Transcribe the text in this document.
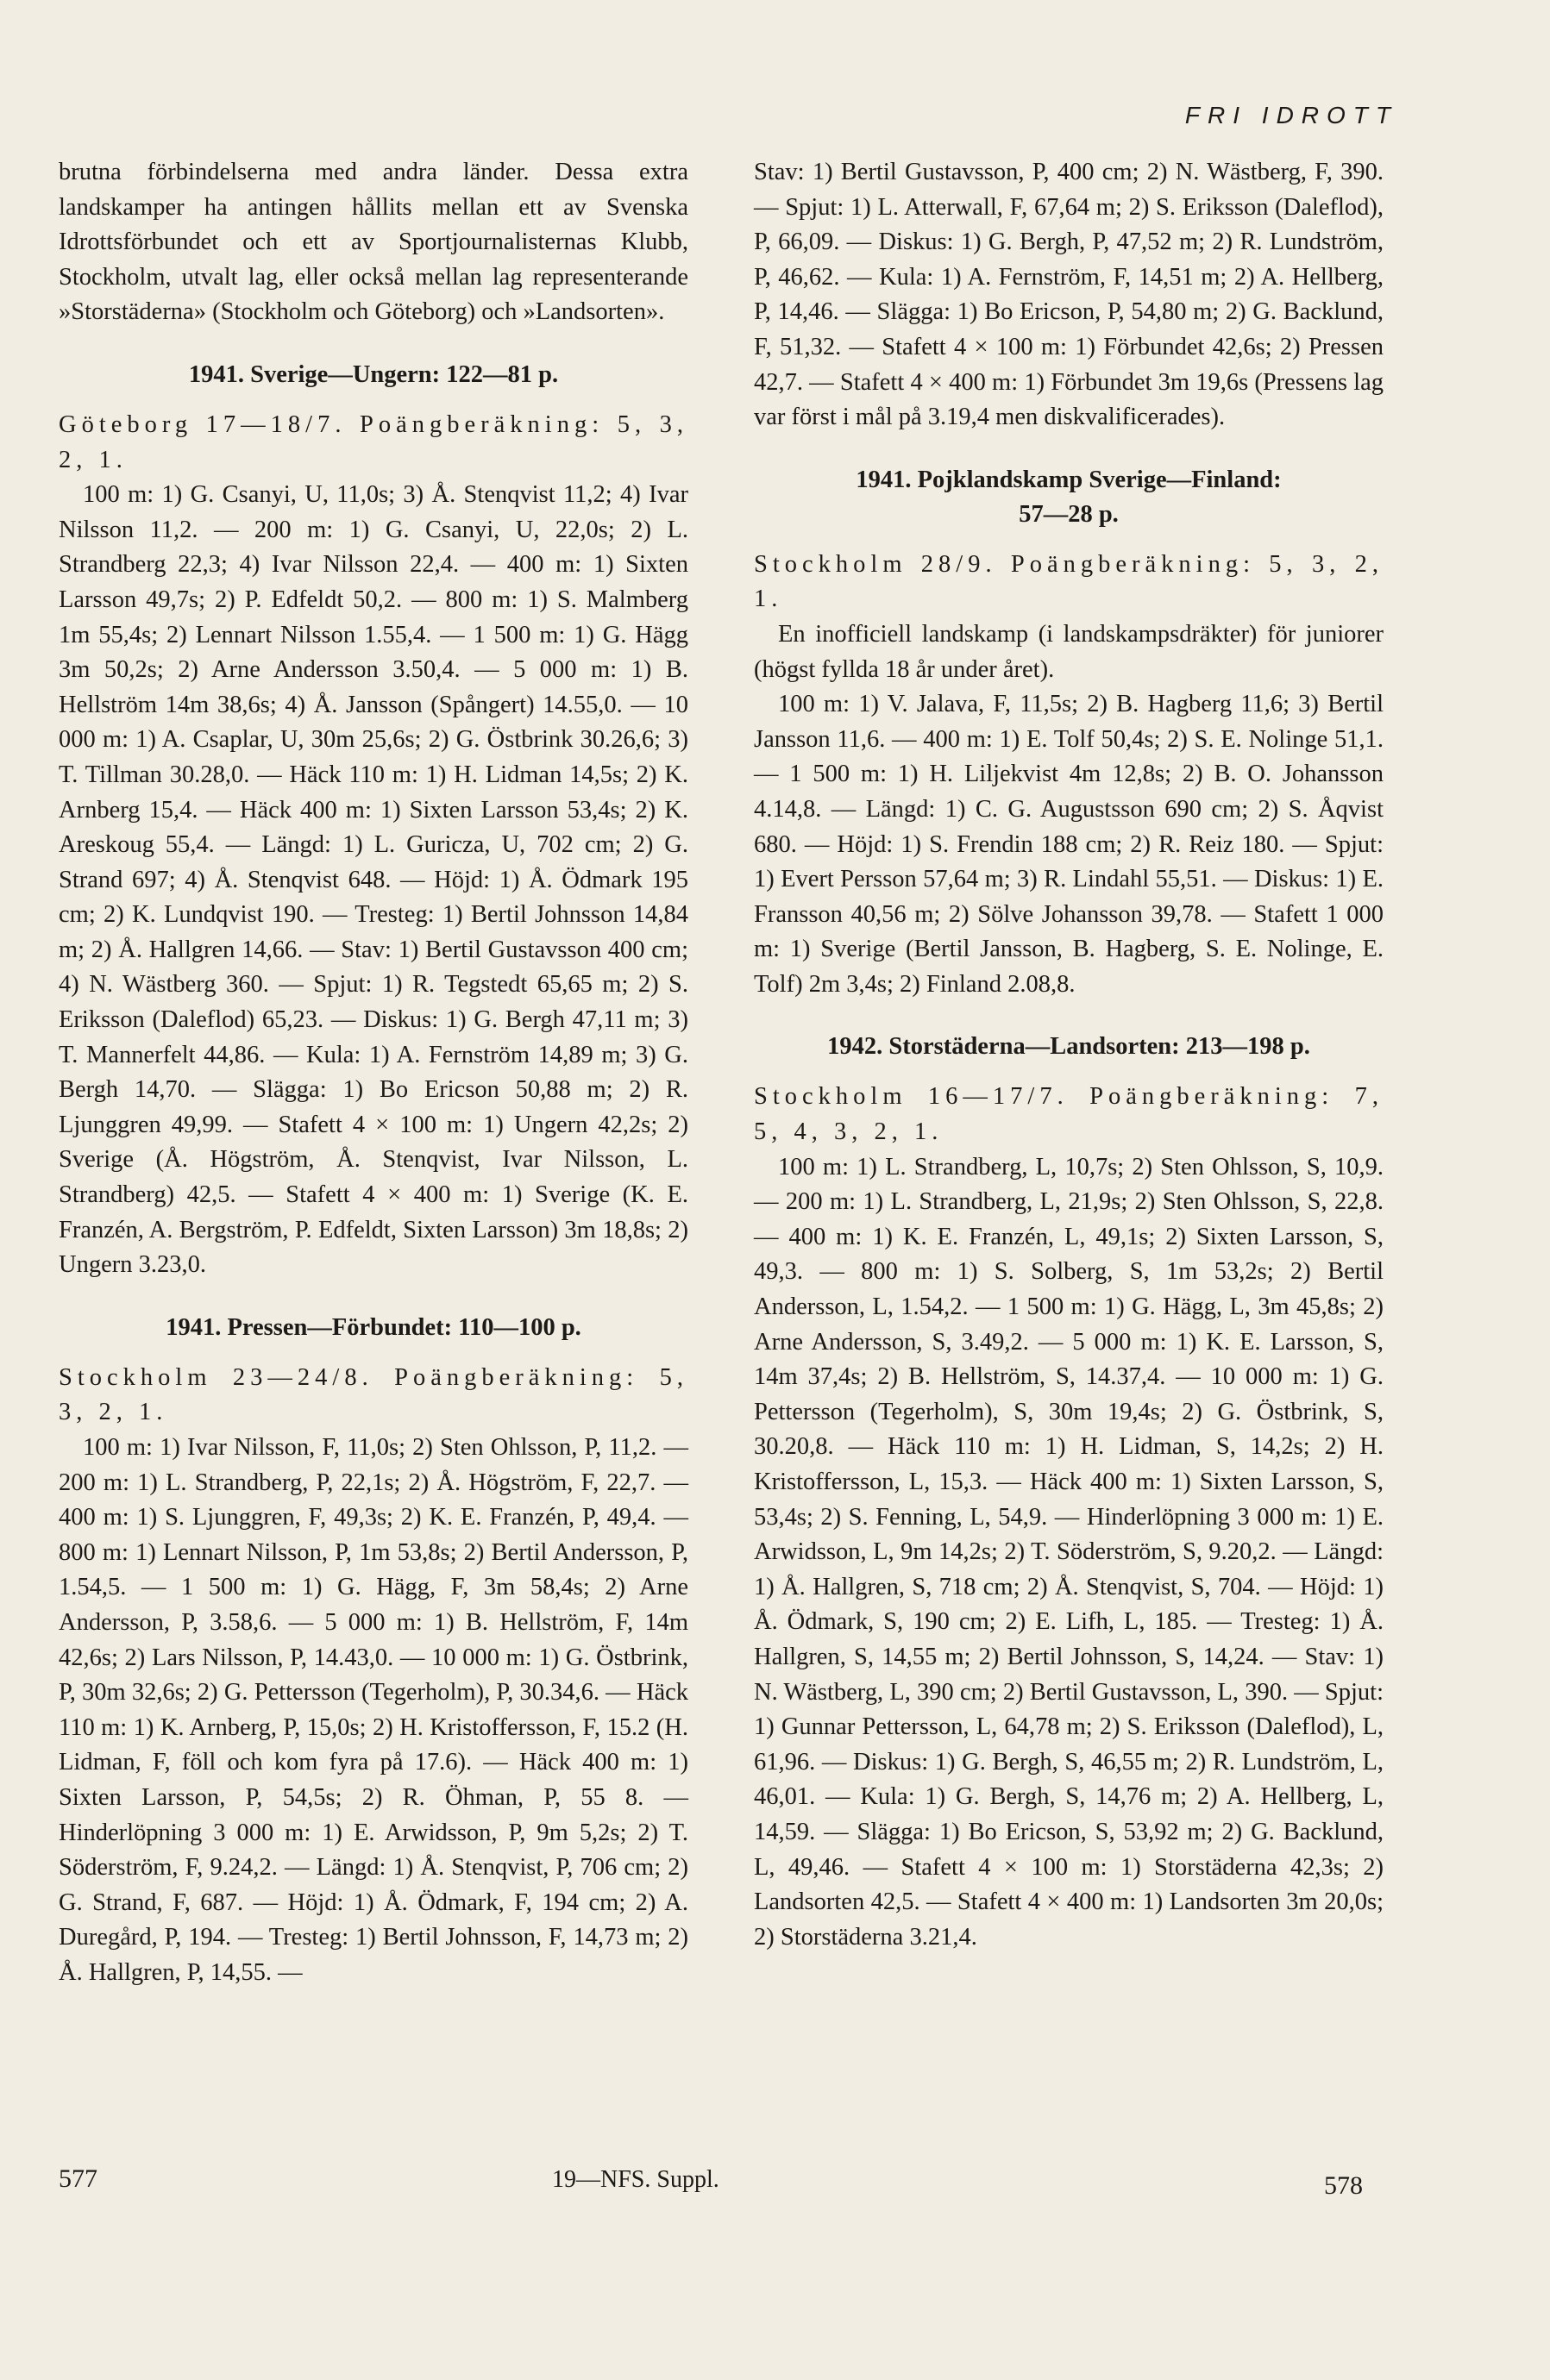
FRI IDROTT

brutna förbindelserna med andra länder. Dessa extra landskamper ha antingen hållits mellan ett av Svenska Idrottsförbundet och ett av Sportjournalisternas Klubb, Stockholm, utvalt lag, eller också mellan lag representerande »Storstäderna» (Stockholm och Göteborg) och »Landsorten».

1941. Sverige—Ungern: 122—81 p.

Göteborg 17—18/7. Poängberäkning: 5, 3, 2, 1.

100 m: 1) G. Csanyi, U, 11,0s; 3) Å. Stenqvist 11,2; 4) Ivar Nilsson 11,2. — 200 m: 1) G. Csanyi, U, 22,0s; 2) L. Strandberg 22,3; 4) Ivar Nilsson 22,4. — 400 m: 1) Sixten Larsson 49,7s; 2) P. Edfeldt 50,2. — 800 m: 1) S. Malmberg 1m 55,4s; 2) Lennart Nilsson 1.55,4. — 1 500 m: 1) G. Hägg 3m 50,2s; 2) Arne Andersson 3.50,4. — 5 000 m: 1) B. Hellström 14m 38,6s; 4) Å. Jansson (Spångert) 14.55,0. — 10 000 m: 1) A. Csaplar, U, 30m 25,6s; 2) G. Östbrink 30.26,6; 3) T. Tillman 30.28,0. — Häck 110 m: 1) H. Lidman 14,5s; 2) K. Arnberg 15,4. — Häck 400 m: 1) Sixten Larsson 53,4s; 2) K. Areskoug 55,4. — Längd: 1) L. Guricza, U, 702 cm; 2) G. Strand 697; 4) Å. Stenqvist 648. — Höjd: 1) Å. Ödmark 195 cm; 2) K. Lundqvist 190. — Tresteg: 1) Bertil Johnsson 14,84 m; 2) Å. Hallgren 14,66. — Stav: 1) Bertil Gustavsson 400 cm; 4) N. Wästberg 360. — Spjut: 1) R. Tegstedt 65,65 m; 2) S. Eriksson (Daleflod) 65,23. — Diskus: 1) G. Bergh 47,11 m; 3) T. Mannerfelt 44,86. — Kula: 1) A. Fernström 14,89 m; 3) G. Bergh 14,70. — Slägga: 1) Bo Ericson 50,88 m; 2) R. Ljunggren 49,99. — Stafett 4 × 100 m: 1) Ungern 42,2s; 2) Sverige (Å. Högström, Å. Stenqvist, Ivar Nilsson, L. Strandberg) 42,5. — Stafett 4 × 400 m: 1) Sverige (K. E. Franzén, A. Bergström, P. Edfeldt, Sixten Larsson) 3m 18,8s; 2) Ungern 3.23,0.

1941. Pressen—Förbundet: 110—100 p.

Stockholm 23—24/8. Poängberäkning: 5, 3, 2, 1.

100 m: 1) Ivar Nilsson, F, 11,0s; 2) Sten Ohlsson, P, 11,2. — 200 m: 1) L. Strandberg, P, 22,1s; 2) Å. Högström, F, 22,7. — 400 m: 1) S. Ljunggren, F, 49,3s; 2) K. E. Franzén, P, 49,4. — 800 m: 1) Lennart Nilsson, P, 1m 53,8s; 2) Bertil Andersson, P, 1.54,5. — 1 500 m: 1) G. Hägg, F, 3m 58,4s; 2) Arne Andersson, P, 3.58,6. — 5 000 m: 1) B. Hellström, F, 14m 42,6s; 2) Lars Nilsson, P, 14.43,0. — 10 000 m: 1) G. Östbrink, P, 30m 32,6s; 2) G. Pettersson (Tegerholm), P, 30.34,6. — Häck 110 m: 1) K. Arnberg, P, 15,0s; 2) H. Kristoffersson, F, 15.2 (H. Lidman, F, föll och kom fyra på 17.6). — Häck 400 m: 1) Sixten Larsson, P, 54,5s; 2) R. Öhman, P, 55 8. — Hinderlöpning 3 000 m: 1) E. Arwidsson, P, 9m 5,2s; 2) T. Söderström, F, 9.24,2. — Längd: 1) Å. Stenqvist, P, 706 cm; 2) G. Strand, F, 687. — Höjd: 1) Å. Ödmark, F, 194 cm; 2) A. Duregård, P, 194. — Tresteg: 1) Bertil Johnsson, F, 14,73 m; 2) Å. Hallgren, P, 14,55. —

Stav: 1) Bertil Gustavsson, P, 400 cm; 2) N. Wästberg, F, 390. — Spjut: 1) L. Atterwall, F, 67,64 m; 2) S. Eriksson (Daleflod), P, 66,09. — Diskus: 1) G. Bergh, P, 47,52 m; 2) R. Lundström, P, 46,62. — Kula: 1) A. Fernström, F, 14,51 m; 2) A. Hellberg, P, 14,46. — Slägga: 1) Bo Ericson, P, 54,80 m; 2) G. Backlund, F, 51,32. — Stafett 4 × 100 m: 1) Förbundet 42,6s; 2) Pressen 42,7. — Stafett 4 × 400 m: 1) Förbundet 3m 19,6s (Pressens lag var först i mål på 3.19,4 men diskvalificerades).

1941. Pojklandskamp Sverige—Finland:
57—28 p.

Stockholm 28/9. Poängberäkning: 5, 3, 2, 1.

En inofficiell landskamp (i landskampsdräkter) för juniorer (högst fyllda 18 år under året).

100 m: 1) V. Jalava, F, 11,5s; 2) B. Hagberg 11,6; 3) Bertil Jansson 11,6. — 400 m: 1) E. Tolf 50,4s; 2) S. E. Nolinge 51,1. — 1 500 m: 1) H. Liljekvist 4m 12,8s; 2) B. O. Johansson 4.14,8. — Längd: 1) C. G. Augustsson 690 cm; 2) S. Åqvist 680. — Höjd: 1) S. Frendin 188 cm; 2) R. Reiz 180. — Spjut: 1) Evert Persson 57,64 m; 3) R. Lindahl 55,51. — Diskus: 1) E. Fransson 40,56 m; 2) Sölve Johansson 39,78. — Stafett 1 000 m: 1) Sverige (Bertil Jansson, B. Hagberg, S. E. Nolinge, E. Tolf) 2m 3,4s; 2) Finland 2.08,8.

1942. Storstäderna—Landsorten: 213—198 p.

Stockholm 16—17/7. Poängberäkning: 7, 5, 4, 3, 2, 1.

100 m: 1) L. Strandberg, L, 10,7s; 2) Sten Ohlsson, S, 10,9. — 200 m: 1) L. Strandberg, L, 21,9s; 2) Sten Ohlsson, S, 22,8. — 400 m: 1) K. E. Franzén, L, 49,1s; 2) Sixten Larsson, S, 49,3. — 800 m: 1) S. Solberg, S, 1m 53,2s; 2) Bertil Andersson, L, 1.54,2. — 1 500 m: 1) G. Hägg, L, 3m 45,8s; 2) Arne Andersson, S, 3.49,2. — 5 000 m: 1) K. E. Larsson, S, 14m 37,4s; 2) B. Hellström, S, 14.37,4. — 10 000 m: 1) G. Pettersson (Tegerholm), S, 30m 19,4s; 2) G. Östbrink, S, 30.20,8. — Häck 110 m: 1) H. Lidman, S, 14,2s; 2) H. Kristoffersson, L, 15,3. — Häck 400 m: 1) Sixten Larsson, S, 53,4s; 2) S. Fenning, L, 54,9. — Hinderlöpning 3 000 m: 1) E. Arwidsson, L, 9m 14,2s; 2) T. Söderström, S, 9.20,2. — Längd: 1) Å. Hallgren, S, 718 cm; 2) Å. Stenqvist, S, 704. — Höjd: 1) Å. Ödmark, S, 190 cm; 2) E. Lifh, L, 185. — Tresteg: 1) Å. Hallgren, S, 14,55 m; 2) Bertil Johnsson, S, 14,24. — Stav: 1) N. Wästberg, L, 390 cm; 2) Bertil Gustavsson, L, 390. — Spjut: 1) Gunnar Pettersson, L, 64,78 m; 2) S. Eriksson (Daleflod), L, 61,96. — Diskus: 1) G. Bergh, S, 46,55 m; 2) R. Lundström, L, 46,01. — Kula: 1) G. Bergh, S, 14,76 m; 2) A. Hellberg, L, 14,59. — Slägga: 1) Bo Ericson, S, 53,92 m; 2) G. Backlund, L, 49,46. — Stafett 4 × 100 m: 1) Storstäderna 42,3s; 2) Landsorten 42,5. — Stafett 4 × 400 m: 1) Landsorten 3m 20,0s; 2) Storstäderna 3.21,4.

577	19—NFS. Suppl.	578
